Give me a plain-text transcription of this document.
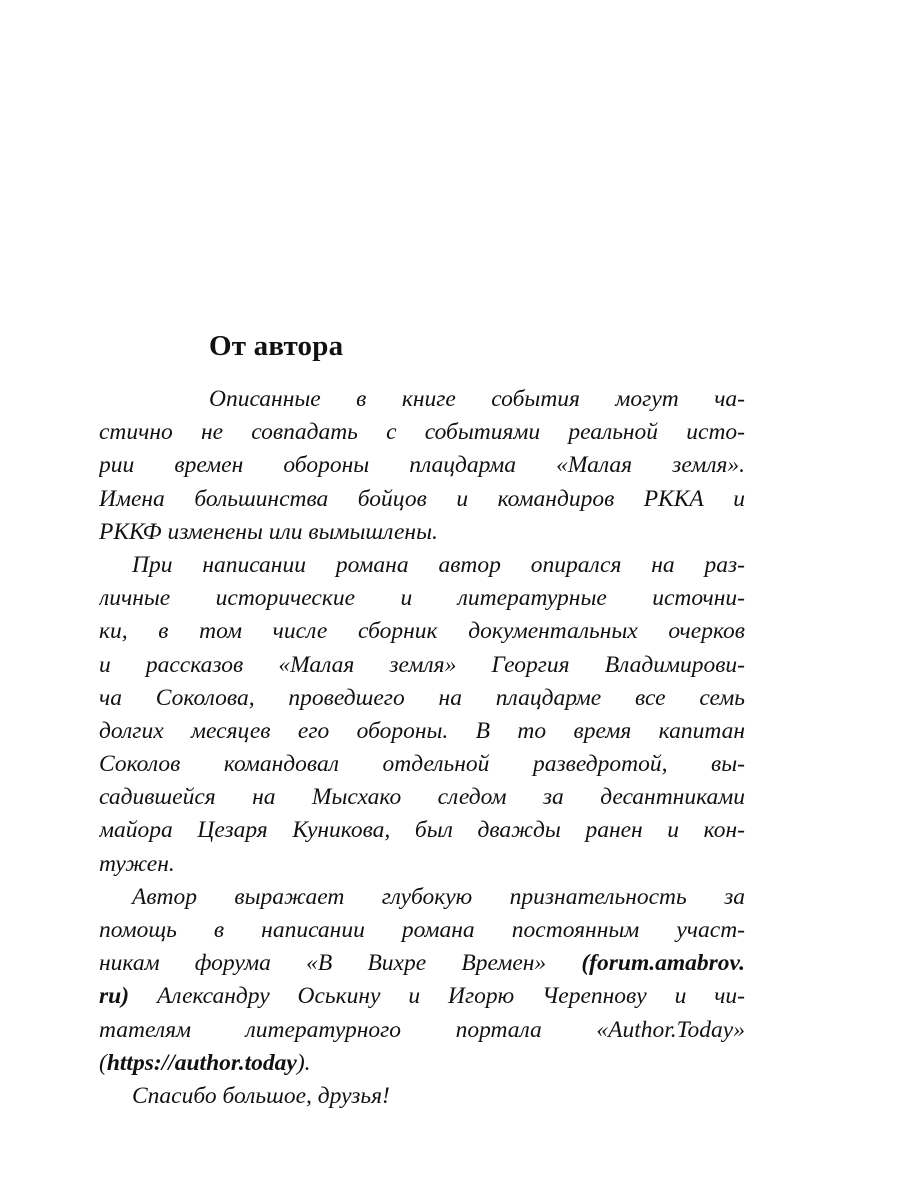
От автора
Описанные в книге события могут ча-
стично не совпадать с событиями реальной исто-
рии времен обороны плацдарма «Малая земля».
Имена большинства бойцов и командиров РККА и
РККФ изменены или вымышлены.
При написании романа автор опирался на раз-
личные исторические и литературные источни-
ки, в том числе сборник документальных очерков
и рассказов «Малая земля» Георгия Владимирови-
ча Соколова, проведшего на плацдарме все семь
долгих месяцев его обороны. В то время капитан
Соколов командовал отдельной разведротой, вы-
садившейся на Мысхако следом за десантниками
майора Цезаря Куникова, был дважды ранен и кон-
тужен.
Автор выражает глубокую признательность за
помощь в написании романа постоянным участ-
никам форума «В Вихре Времен» (forum.amabrov.
ru) Александру Оськину и Игорю Черепнову и чи-
тателям литературного портала «Author.Today»
(https://author.today).
Спасибо большое, друзья!
